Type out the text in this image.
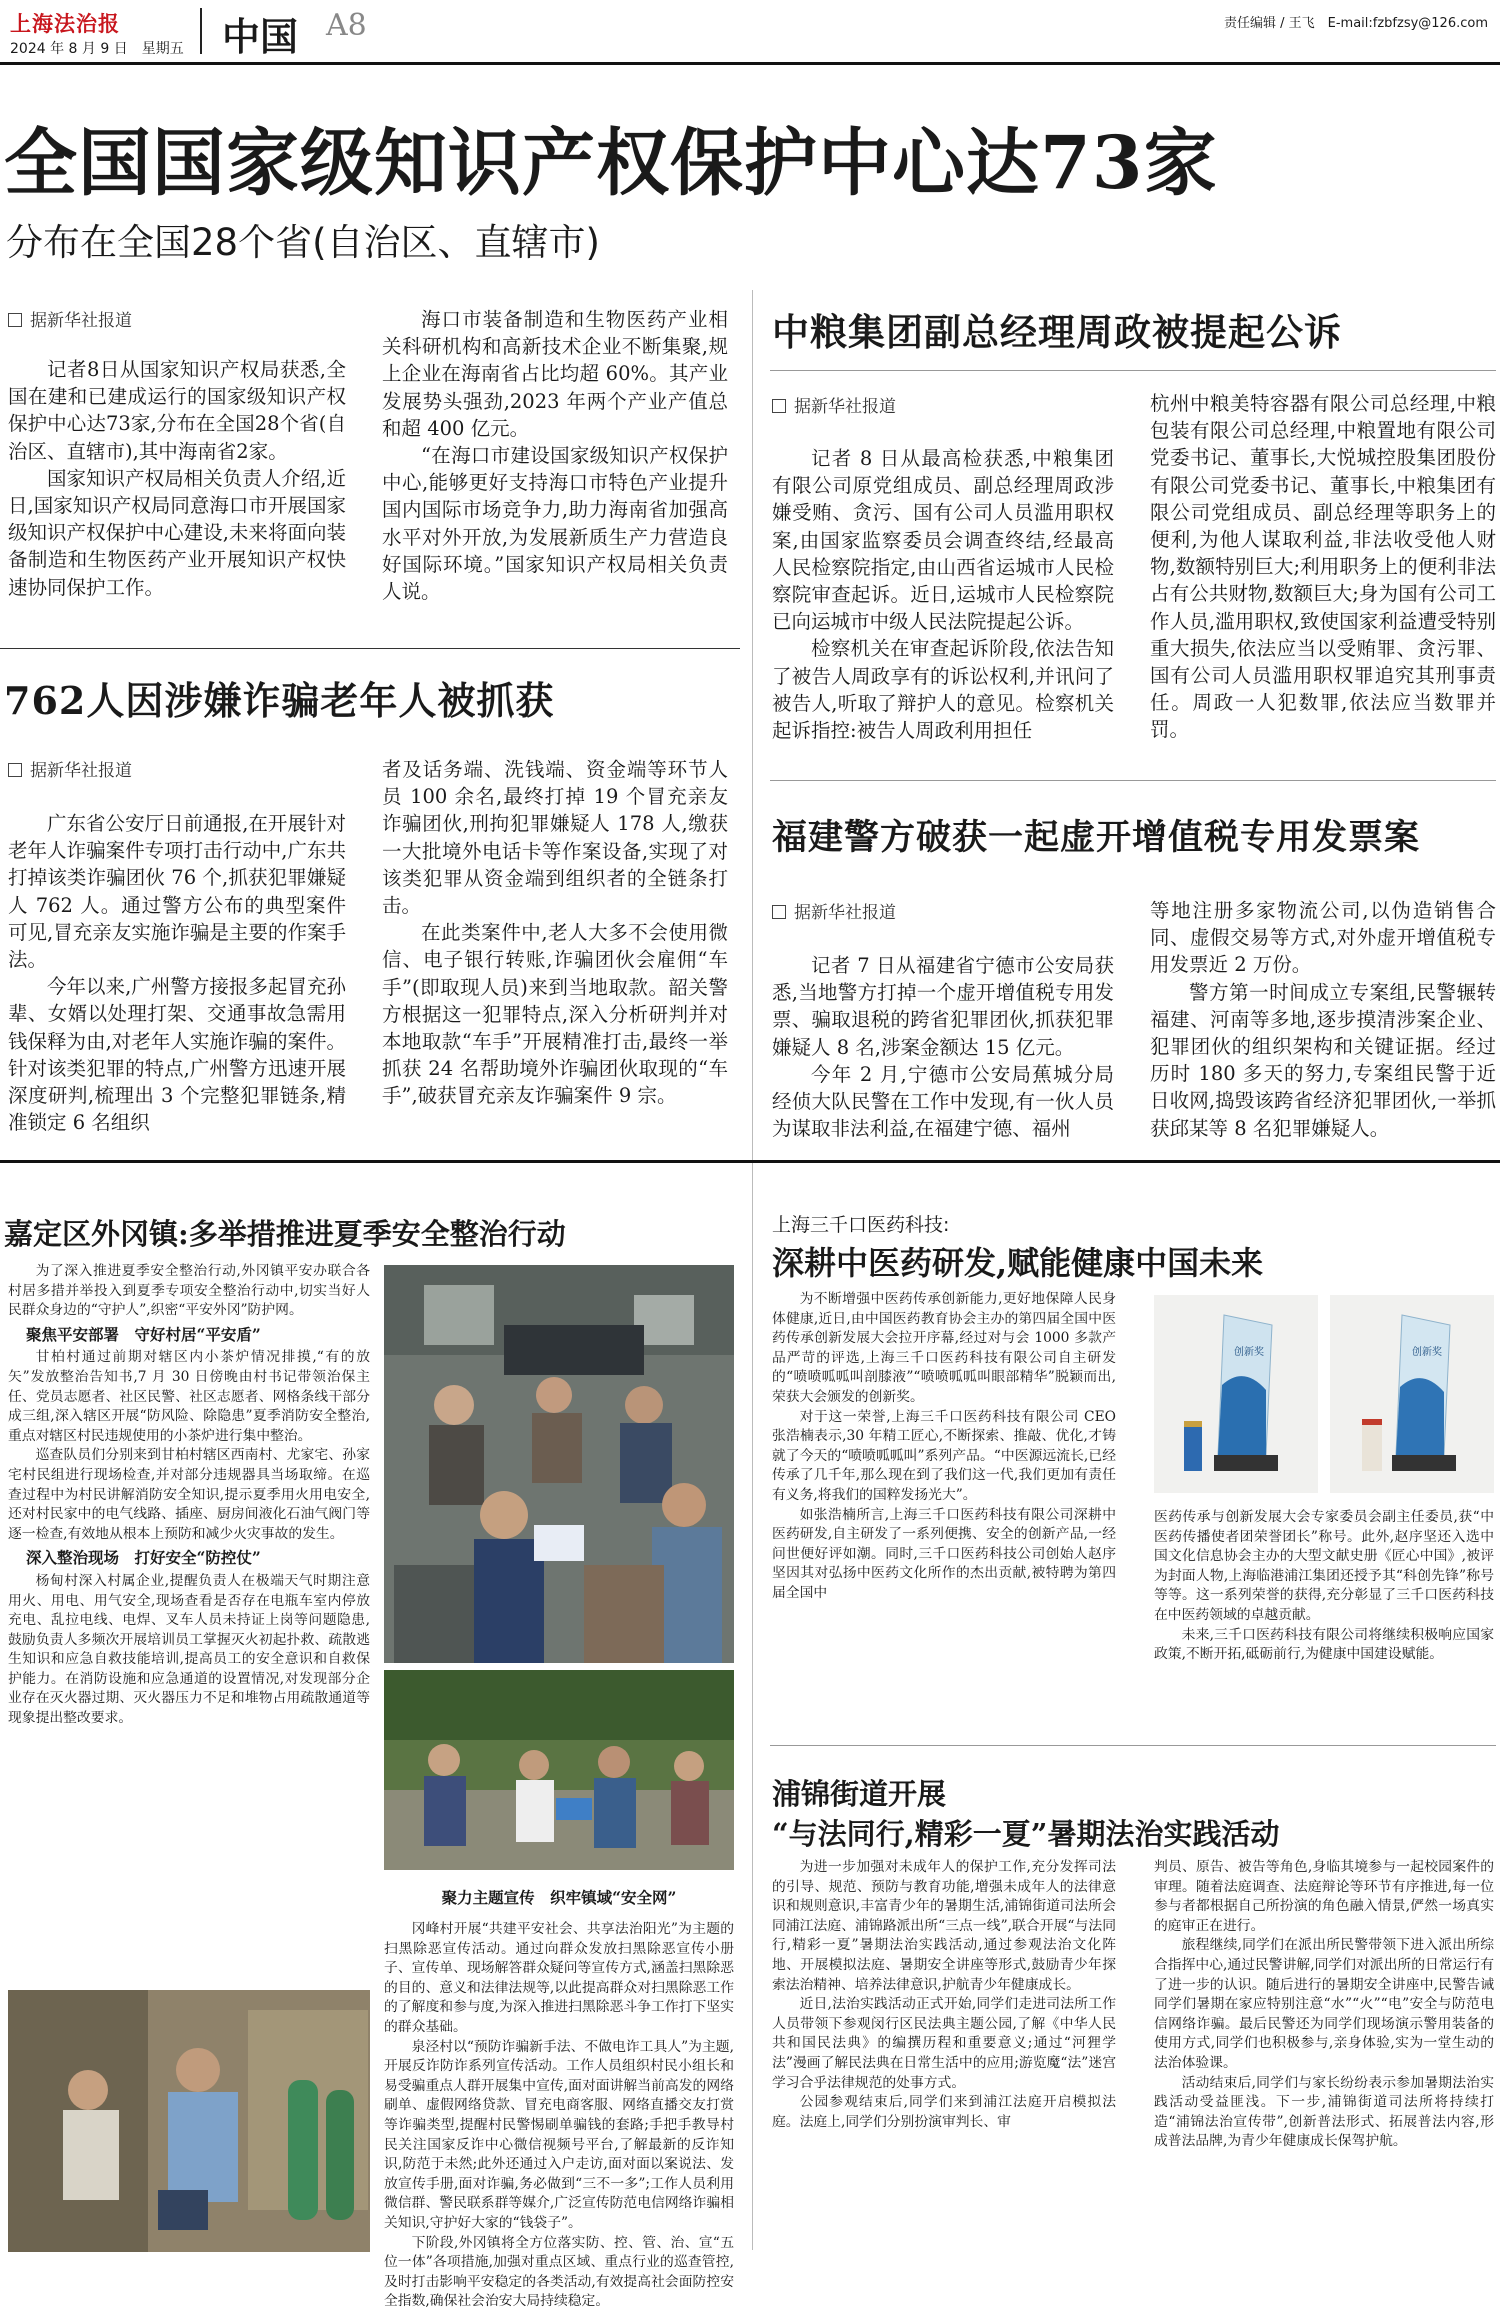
上海法治报
2024 年 8 月 9 日　星期五 中国 A8	责任编辑 / 王飞　E-mail:fzbfzsy@126.com
全国国家级知识产权保护中心达73家
分布在全国28个省(自治区、直辖市)
据新华社报道

记者8日从国家知识产权局获悉,全国在建和已建成运行的国家级知识产权保护中心达73家,分布在全国28个省(自治区、直辖市),其中海南省2家。

国家知识产权局相关负责人介绍,近日,国家知识产权局同意海口市开展国家级知识产权保护中心建设,未来将面向装备制造和生物医药产业开展知识产权快速协同保护工作。

海口市装备制造和生物医药产业相关科研机构和高新技术企业不断集聚,规上企业在海南省占比均超 60%。其产业发展势头强劲,2023 年两个产业产值总和超 400 亿元。

“在海口市建设国家级知识产权保护中心,能够更好支持海口市特色产业提升国内国际市场竞争力,助力海南省加强高水平对外开放,为发展新质生产力营造良好国际环境。”国家知识产权局相关负责人说。

762人因涉嫌诈骗老年人被抓获
据新华社报道

广东省公安厅日前通报,在开展针对老年人诈骗案件专项打击行动中,广东共打掉该类诈骗团伙 76 个,抓获犯罪嫌疑人 762 人。通过警方公布的典型案件可见,冒充亲友实施诈骗是主要的作案手法。

今年以来,广州警方接报多起冒充孙辈、女婿以处理打架、交通事故急需用钱保释为由,对老年人实施诈骗的案件。针对该类犯罪的特点,广州警方迅速开展深度研判,梳理出 3 个完整犯罪链条,精准锁定 6 名组织

者及话务端、洗钱端、资金端等环节人员 100 余名,最终打掉 19 个冒充亲友诈骗团伙,刑拘犯罪嫌疑人 178 人,缴获一大批境外电话卡等作案设备,实现了对该类犯罪从资金端到组织者的全链条打击。

在此类案件中,老人大多不会使用微信、电子银行转账,诈骗团伙会雇佣“车手”(即取现人员)来到当地取款。韶关警方根据这一犯罪特点,深入分析研判并对本地取款“车手”开展精准打击,最终一举抓获 24 名帮助境外诈骗团伙取现的“车手”,破获冒充亲友诈骗案件 9 宗。

中粮集团副总经理周政被提起公诉
据新华社报道

记者 8 日从最高检获悉,中粮集团有限公司原党组成员、副总经理周政涉嫌受贿、贪污、国有公司人员滥用职权案,由国家监察委员会调查终结,经最高人民检察院指定,由山西省运城市人民检察院审查起诉。近日,运城市人民检察院已向运城市中级人民法院提起公诉。

检察机关在审查起诉阶段,依法告知了被告人周政享有的诉讼权利,并讯问了被告人,听取了辩护人的意见。检察机关起诉指控:被告人周政利用担任

杭州中粮美特容器有限公司总经理,中粮包装有限公司总经理,中粮置地有限公司党委书记、董事长,大悦城控股集团股份有限公司党委书记、董事长,中粮集团有限公司党组成员、副总经理等职务上的便利,为他人谋取利益,非法收受他人财物,数额特别巨大;利用职务上的便利非法占有公共财物,数额巨大;身为国有公司工作人员,滥用职权,致使国家利益遭受特别重大损失,依法应当以受贿罪、贪污罪、国有公司人员滥用职权罪追究其刑事责任。周政一人犯数罪,依法应当数罪并罚。

福建警方破获一起虚开增值税专用发票案
据新华社报道

记者 7 日从福建省宁德市公安局获悉,当地警方打掉一个虚开增值税专用发票、骗取退税的跨省犯罪团伙,抓获犯罪嫌疑人 8 名,涉案金额达 15 亿元。

今年 2 月,宁德市公安局蕉城分局经侦大队民警在工作中发现,有一伙人员为谋取非法利益,在福建宁德、福州

等地注册多家物流公司,以伪造销售合同、虚假交易等方式,对外虚开增值税专用发票近 2 万份。

警方第一时间成立专案组,民警辗转福建、河南等多地,逐步摸清涉案企业、犯罪团伙的组织架构和关键证据。经过历时 180 多天的努力,专案组民警于近日收网,捣毁该跨省经济犯罪团伙,一举抓获邱某等 8 名犯罪嫌疑人。

嘉定区外冈镇:多举措推进夏季安全整治行动

为了深入推进夏季安全整治行动,外冈镇平安办联合各村居多措并举投入到夏季专项安全整治行动中,切实当好人民群众身边的“守护人”,织密“平安外冈”防护网。

聚焦平安部署　守好村居“平安盾”

甘柏村通过前期对辖区内小茶炉情况排摸,“有的放矢”发放整治告知书,7 月 30 日傍晚由村书记带领治保主任、党员志愿者、社区民警、社区志愿者、网格条线干部分成三组,深入辖区开展“防风险、除隐患”夏季消防安全整治,重点对辖区村民违规使用的小茶炉进行集中整治。

巡查队员们分别来到甘柏村辖区西南村、尤家宅、孙家宅村民组进行现场检查,并对部分违规器具当场取缔。在巡查过程中为村民讲解消防安全知识,提示夏季用火用电安全,还对村民家中的电气线路、插座、厨房间液化石油气阀门等逐一检查,有效地从根本上预防和减少火灾事故的发生。

深入整治现场　打好安全“防控仗”

杨甸村深入村属企业,提醒负责人在极端天气时期注意用火、用电、用气安全,现场查看是否存在电瓶车室内停放充电、乱拉电线、电焊、叉车人员未持证上岗等问题隐患,鼓励负责人多频次开展培训员工掌握灭火初起扑救、疏散逃生知识和应急自救技能培训,提高员工的安全意识和自救保护能力。在消防设施和应急通道的设置情况,对发现部分企业存在灭火器过期、灭火器压力不足和堆物占用疏散通道等现象提出整改要求。

聚力主题宣传　织牢镇域“安全网”

冈峰村开展“共建平安社会、共享法治阳光”为主题的扫黑除恶宣传活动。通过向群众发放扫黑除恶宣传小册子、宣传单、现场解答群众疑问等宣传方式,涵盖扫黑除恶的目的、意义和法律法规等,以此提高群众对扫黑除恶工作的了解度和参与度,为深入推进扫黑除恶斗争工作打下坚实的群众基础。

泉泾村以“预防诈骗新手法、不做电诈工具人”为主题,开展反诈防诈系列宣传活动。工作人员组织村民小组长和易受骗重点人群开展集中宣传,面对面讲解当前高发的网络刷单、虚假网络贷款、冒充电商客服、网络直播交友打赏等诈骗类型,提醒村民警惕刷单骗钱的套路;手把手教导村民关注国家反诈中心微信视频号平台,了解最新的反诈知识,防范于未然;此外还通过入户走访,面对面以案说法、发放宣传手册,面对诈骗,务必做到“三不一多”;工作人员利用微信群、警民联系群等媒介,广泛宣传防范电信网络诈骗相关知识,守护好大家的“钱袋子”。

下阶段,外冈镇将全方位落实防、控、管、治、宣“五位一体”各项措施,加强对重点区域、重点行业的巡查管控,及时打击影响平安稳定的各类活动,有效提高社会面防控安全指数,确保社会治安大局持续稳定。

上海三千口医药科技:
深耕中医药研发,赋能健康中国未来

为不断增强中医药传承创新能力,更好地保障人民身体健康,近日,由中国医药教育协会主办的第四届全国中医药传承创新发展大会拉开序幕,经过对与会 1000 多款产品严苛的评选,上海三千口医药科技有限公司自主研发的“喷喷呱呱叫剖膝液”“喷喷呱呱叫眼部精华”脱颖而出,荣获大会颁发的创新奖。

对于这一荣誉,上海三千口医药科技有限公司 CEO 张浩楠表示,30 年精工匠心,不断探索、推敲、优化,才铸就了今天的“喷喷呱呱叫”系列产品。“中医源远流长,已经传承了几千年,那么现在到了我们这一代,我们更加有责任有义务,将我们的国粹发扬光大”。

如张浩楠所言,上海三千口医药科技有限公司深耕中医药研发,自主研发了一系列便携、安全的创新产品,一经问世便好评如潮。同时,三千口医药科技公司创始人赵序坚因其对弘扬中医药文化所作的杰出贡献,被特聘为第四届全国中

创新奖	创新奖

医药传承与创新发展大会专家委员会副主任委员,获“中医药传播使者团荣誉团长”称号。此外,赵序坚还入选中国文化信息协会主办的大型文献史册《匠心中国》,被评为封面人物,上海临港浦江集团还授予其“科创先锋”称号等等。这一系列荣誉的获得,充分彰显了三千口医药科技在中医药领域的卓越贡献。

未来,三千口医药科技有限公司将继续积极响应国家政策,不断开拓,砥砺前行,为健康中国建设赋能。

浦锦街道开展
“与法同行,精彩一夏”暑期法治实践活动

为进一步加强对未成年人的保护工作,充分发挥司法的引导、规范、预防与教育功能,增强未成年人的法律意识和规则意识,丰富青少年的暑期生活,浦锦街道司法所会同浦江法庭、浦锦路派出所“三点一线”,联合开展“与法同行,精彩一夏”暑期法治实践活动,通过参观法治文化阵地、开展模拟法庭、暑期安全讲座等形式,鼓励青少年探索法治精神、培养法律意识,护航青少年健康成长。

近日,法治实践活动正式开始,同学们走进司法所工作人员带领下参观闵行区民法典主题公园,了解《中华人民共和国民法典》的编撰历程和重要意义;通过“河狸学法”漫画了解民法典在日常生活中的应用;游览魔“法”迷宫学习合乎法律规范的处事方式。

公园参观结束后,同学们来到浦江法庭开启模拟法庭。法庭上,同学们分别扮演审判长、审

判员、原告、被告等角色,身临其境参与一起校园案件的审理。随着法庭调查、法庭辩论等环节有序推进,每一位参与者都根据自己所扮演的角色融入情景,俨然一场真实的庭审正在进行。

旅程继续,同学们在派出所民警带领下进入派出所综合指挥中心,通过民警讲解,同学们对派出所的日常运行有了进一步的认识。随后进行的暑期安全讲座中,民警告诫同学们暑期在家应特别注意“水”“火”“电”安全与防范电信网络诈骗。最后民警还为同学们现场演示警用装备的使用方式,同学们也积极参与,亲身体验,实为一堂生动的法治体验课。

活动结束后,同学们与家长纷纷表示参加暑期法治实践活动受益匪浅。下一步,浦锦街道司法所将持续打造“浦锦法治宣传带”,创新普法形式、拓展普法内容,形成普法品牌,为青少年健康成长保驾护航。
